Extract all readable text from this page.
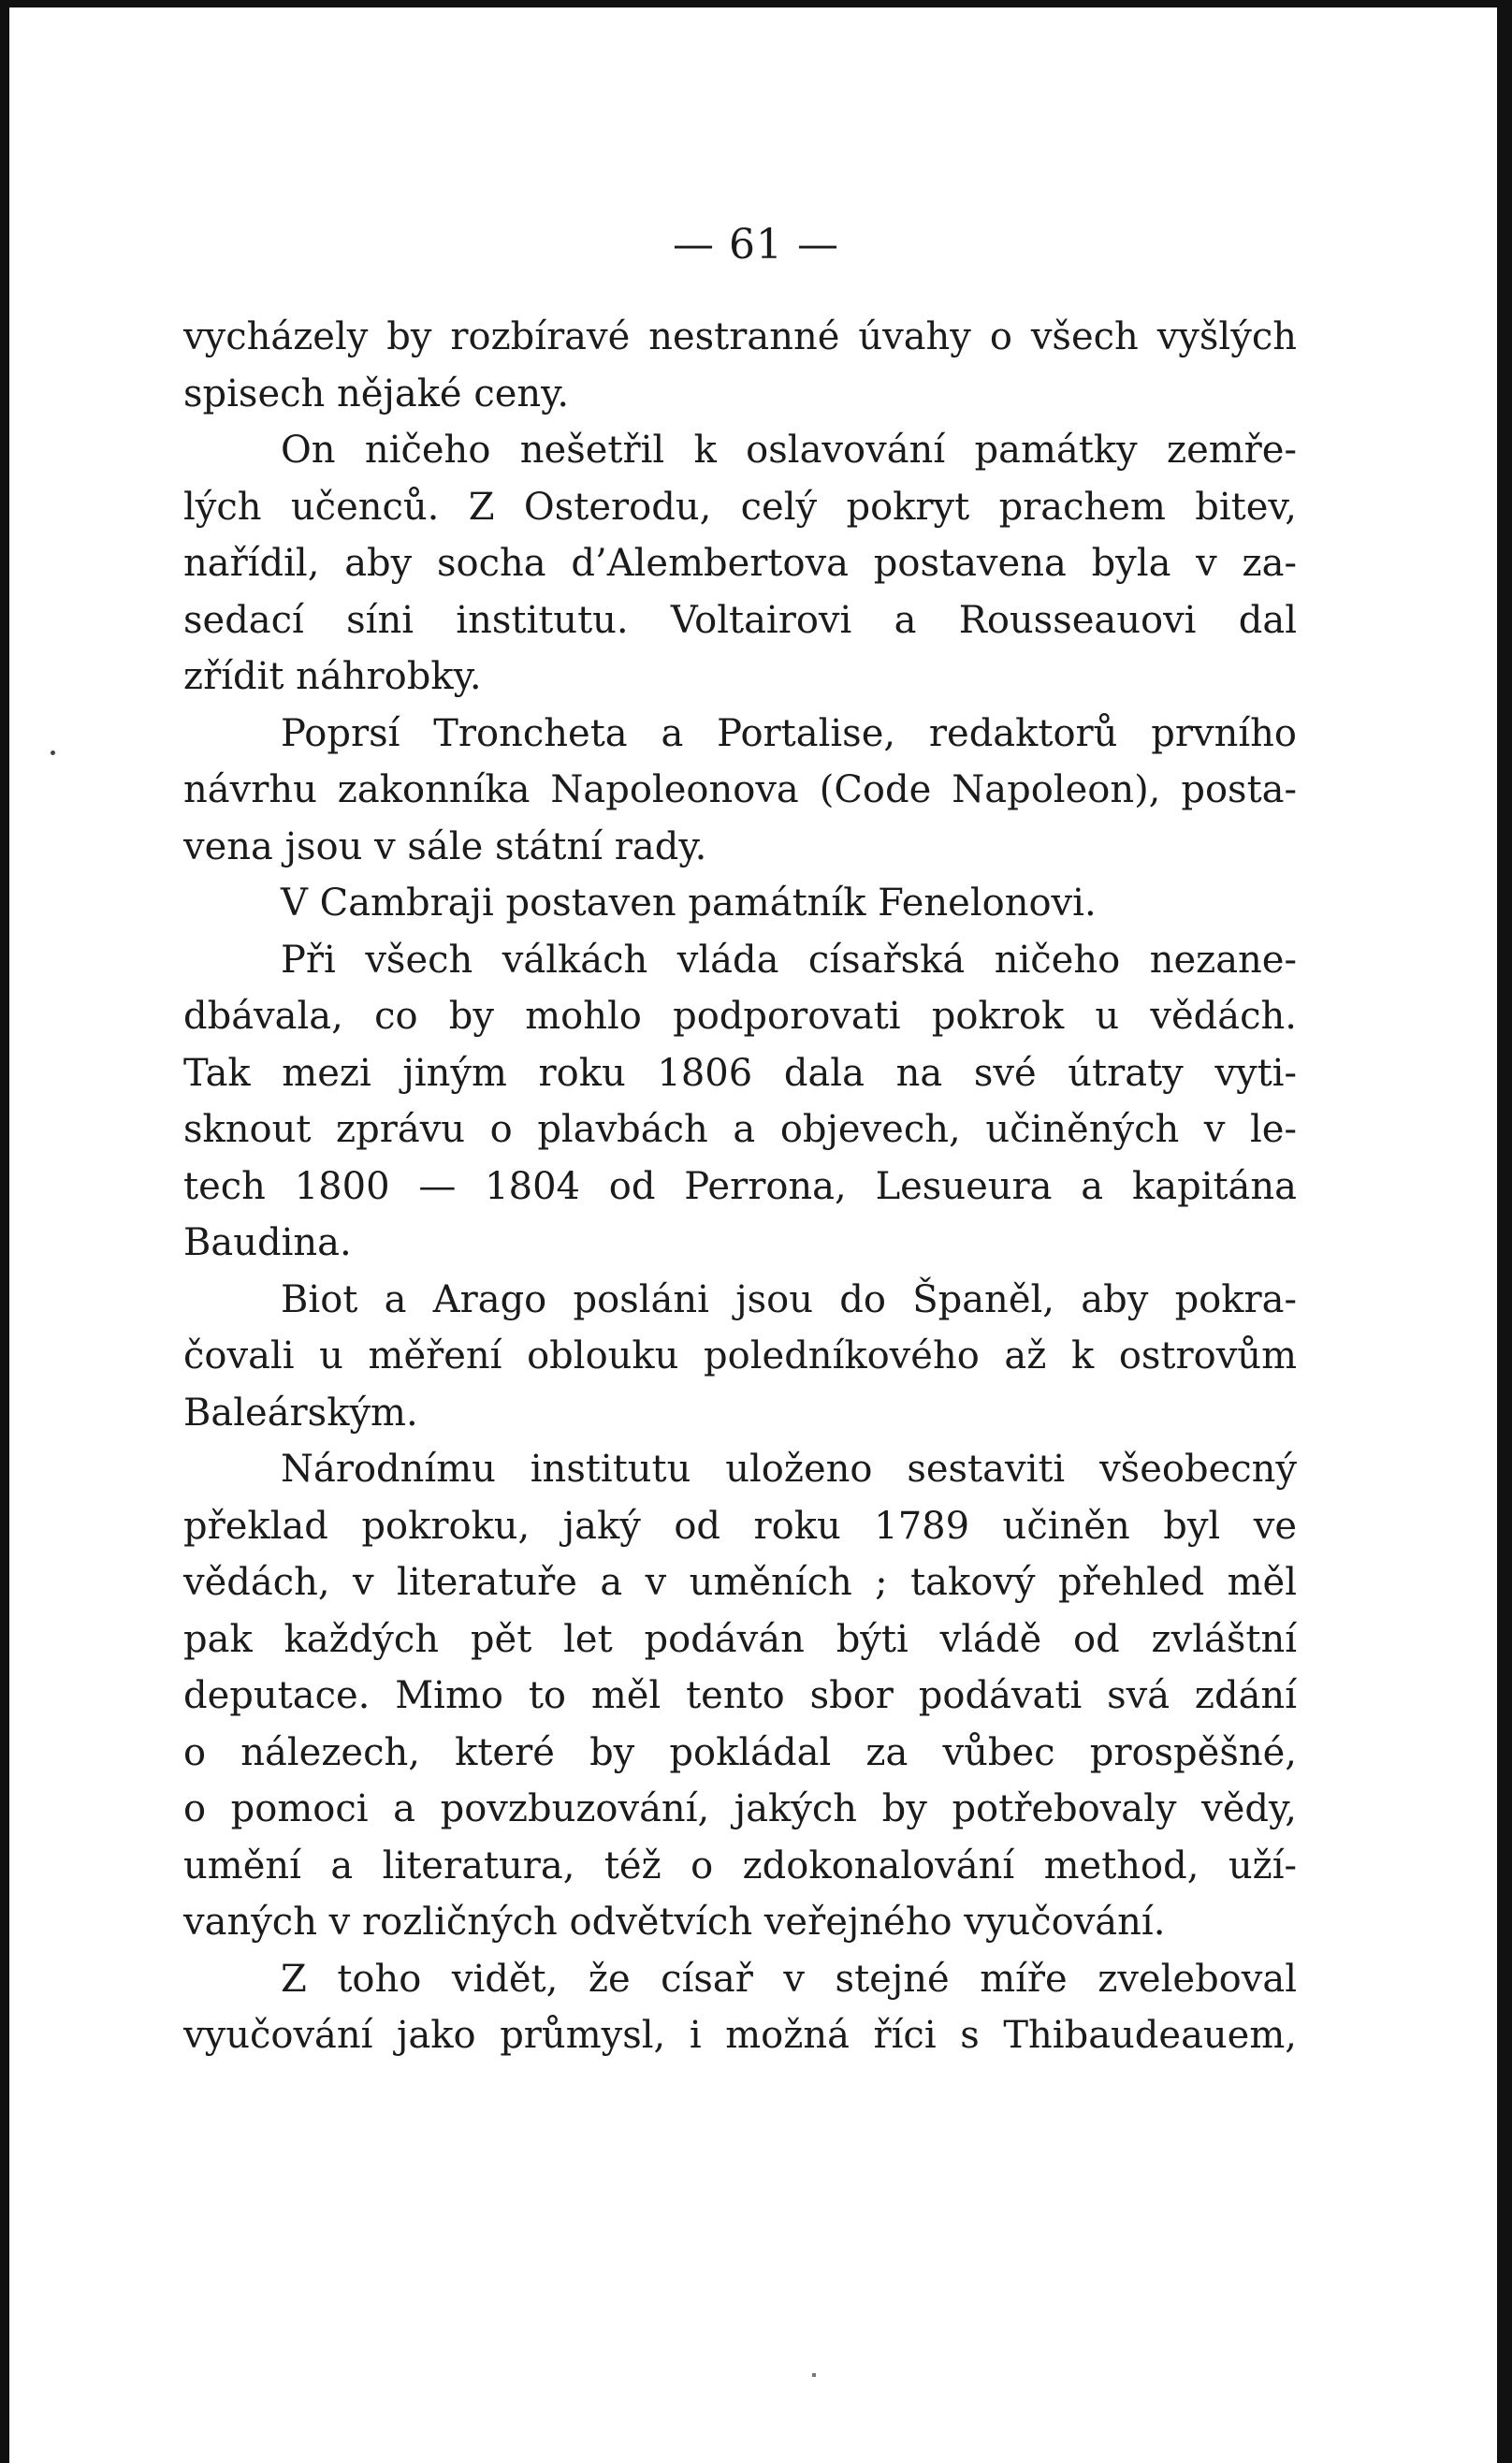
— 61 —
vycházely by rozbíravé nestranné úvahy o všech vyšlých
spisech nějaké ceny.
On ničeho nešetřil k oslavování památky zemře-
lých učenců. Z Osterodu, celý pokryt prachem bitev,
nařídil, aby socha d’Alembertova postavena byla v za-
sedací síni institutu. Voltairovi a Rousseauovi dal
zřídit náhrobky.
Poprsí Troncheta a Portalise, redaktorů prvního
návrhu zakonníka Napoleonova (Code Napoleon), posta-
vena jsou v sále státní rady.
V Cambraji postaven památník Fenelonovi.
Při všech válkách vláda císařská ničeho nezane-
dbávala, co by mohlo podporovati pokrok u vědách.
Tak mezi jiným roku 1806 dala na své útraty vyti-
sknout zprávu o plavbách a objevech, učiněných v le-
tech 1800 — 1804 od Perrona, Lesueura a kapitána
Baudina.
Biot a Arago posláni jsou do Španěl, aby pokra-
čovali u měření oblouku poledníkového až k ostrovům
Baleárským.
Národnímu institutu uloženo sestaviti všeobecný
překlad pokroku, jaký od roku 1789 učiněn byl ve
vědách, v literatuře a v uměních ; takový přehled měl
pak každých pět let podáván býti vládě od zvláštní
deputace. Mimo to měl tento sbor podávati svá zdání
o nálezech, které by pokládal za vůbec prospěšné,
o pomoci a povzbuzování, jakých by potřebovaly vědy,
umění a literatura, též o zdokonalování method, uží-
vaných v rozličných odvětvích veřejného vyučování.
Z toho vidět, že císař v stejné míře zveleboval
vyučování jako průmysl, i možná říci s Thibaudeauem,
